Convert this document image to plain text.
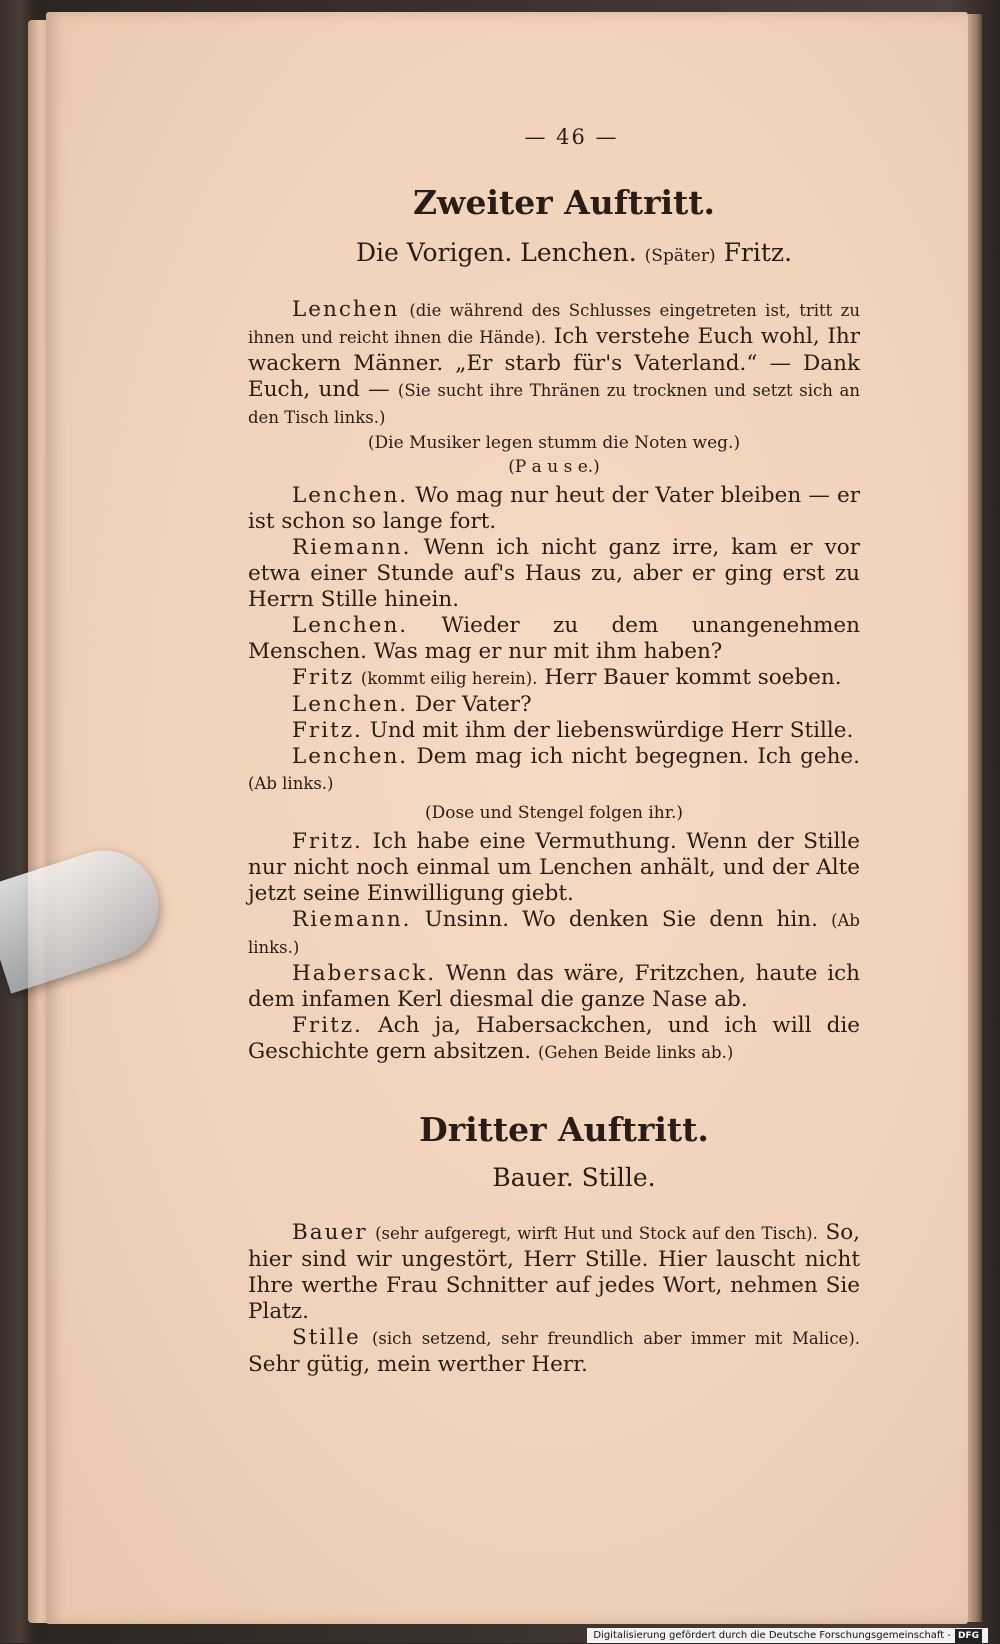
— 46 —
Zweiter Auftritt.
Die Vorigen. Lenchen. (Später) Fritz.

Lenchen (die während des Schlusses eingetreten ist, tritt zu ihnen und reicht ihnen die Hände). Ich verstehe Euch wohl, Ihr wackern Männer. „Er starb für's Vaterland.“ — Dank Euch, und — (Sie sucht ihre Thränen zu trocknen und setzt sich an den Tisch links.)

(Die Musiker legen stumm die Noten weg.)

(P a u s e.)

Lenchen. Wo mag nur heut der Vater bleiben — er ist schon so lange fort.

Riemann. Wenn ich nicht ganz irre, kam er vor etwa einer Stunde auf's Haus zu, aber er ging erst zu Herrn Stille hinein.

Lenchen. Wieder zu dem unangenehmen Menschen. Was mag er nur mit ihm haben?

Fritz (kommt eilig herein). Herr Bauer kommt soeben.

Lenchen. Der Vater?

Fritz. Und mit ihm der liebenswürdige Herr Stille.

Lenchen. Dem mag ich nicht begegnen. Ich gehe. (Ab links.)

(Dose und Stengel folgen ihr.)

Fritz. Ich habe eine Vermuthung. Wenn der Stille nur nicht noch einmal um Lenchen anhält, und der Alte jetzt seine Einwilligung giebt.

Riemann. Unsinn. Wo denken Sie denn hin. (Ab links.)

Habersack. Wenn das wäre, Fritzchen, haute ich dem infamen Kerl diesmal die ganze Nase ab.

Fritz. Ach ja, Habersackchen, und ich will die Geschichte gern absitzen. (Gehen Beide links ab.)

Dritter Auftritt.
Bauer. Stille.

Bauer (sehr aufgeregt, wirft Hut und Stock auf den Tisch). So, hier sind wir ungestört, Herr Stille. Hier lauscht nicht Ihre werthe Frau Schnitter auf jedes Wort, nehmen Sie Platz.

Stille (sich setzend, sehr freundlich aber immer mit Malice). Sehr gütig, mein werther Herr.

Digitalisierung gefördert durch die Deutsche Forschungsgemeinschaft - DFG
